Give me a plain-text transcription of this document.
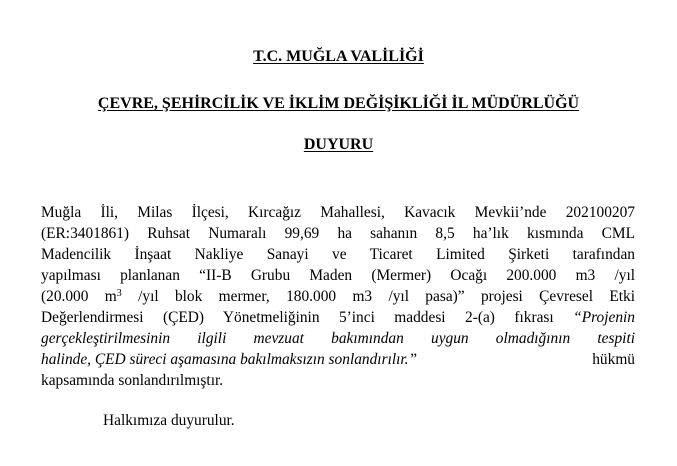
T.C. MUĞLA VALİLİĞİ

ÇEVRE, ŞEHİRCİLİK VE İKLİM DEĞİŞİKLİĞİ İL MÜDÜRLÜĞÜ

DUYURU

Muğla İli, Milas İlçesi, Kırcağız Mahallesi, Kavacık Mevkii’nde 202100207
(ER:3401861) Ruhsat Numaralı 99,69 ha sahanın 8,5 ha’lık kısmında CML
Madencilik İnşaat Nakliye Sanayi ve Ticaret Limited Şirketi tarafından
yapılması planlanan “II-B Grubu Maden (Mermer) Ocağı 200.000 m3 /yıl
(20.000 $m^3$ /yıl blok mermer, 180.000 m3 /yıl pasa)” projesi Çevresel Etki
Değerlendirmesi (ÇED) Yönetmeliğinin 5’inci maddesi 2-(a) fıkrası “Projenin
gerçekleştirilmesinin ilgili mevzuat bakımından uygun olmadığının tespiti
halinde, ÇED süreci aşamasına bakılmaksızın sonlandırılır.”	hükmü
kapsamında sonlandırılmıştır.

Halkımıza duyurulur.
